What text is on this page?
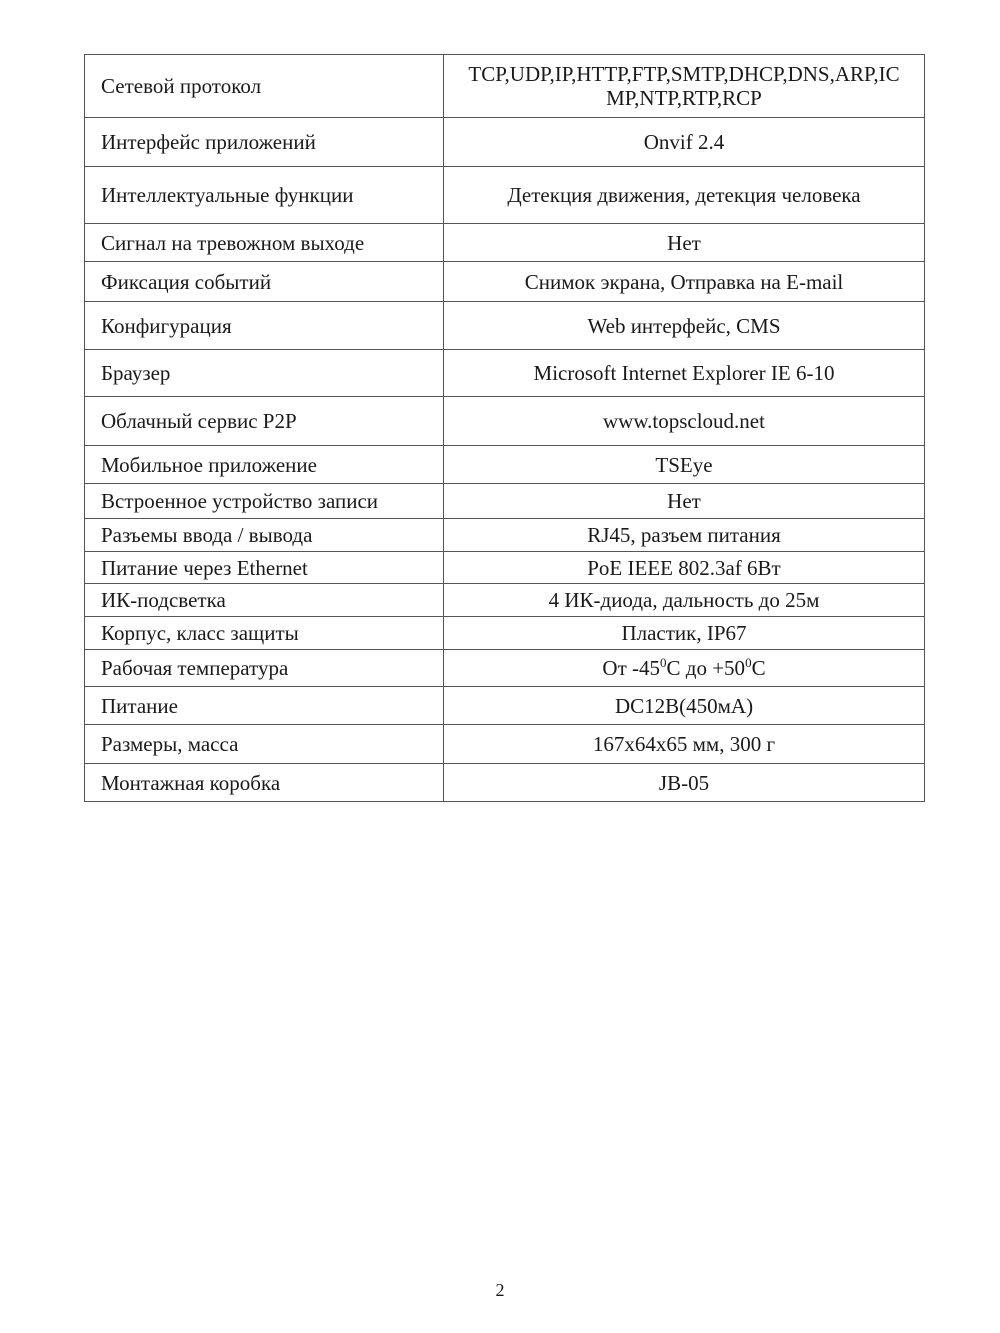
Сетевой протокол	TCP,UDP,IP,HTTP,FTP,SMTP,DHCP,DNS,ARP,ICMP,NTP,RTP,RCP
Интерфейс приложений	Onvif 2.4
Интеллектуальные функции	Детекция движения, детекция человека
Сигнал на тревожном выходе	Нет
Фиксация событий	Снимок экрана, Отправка на E-mail
Конфигурация	Web интерфейс, CMS
Браузер	Microsoft Internet Explorer IE 6-10
Облачный сервис P2P	www.topscloud.net
Мобильное приложение	TSEye
Встроенное устройство записи	Нет
Разъемы ввода / вывода	RJ45, разъем питания
Питание через Ethernet	PoE IEEE 802.3af 6Вт
ИК-подсветка	4 ИК-диода, дальность до 25м
Корпус, класс защиты	Пластик, IP67
Рабочая температура	От $-45^0С$ до $+50^0С$
Питание	DC12В(450мА)
Размеры, масса	167x64x65 мм, 300 г
Монтажная коробка	JB-05
2
